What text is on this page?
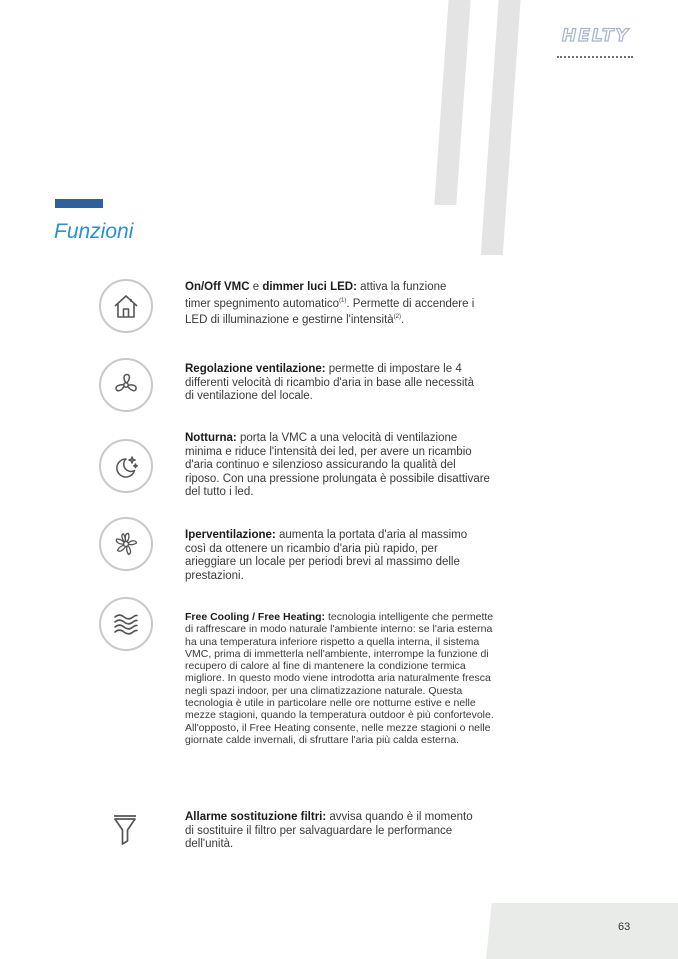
HELTY
Funzioni

On/Off VMC e dimmer luci LED: attiva la funzione timer spegnimento automatico$^{(1)}$. Permette di accendere i LED di illuminazione e gestirne l'intensità$^{(2)}$.

Regolazione ventilazione: permette di impostare le 4 differenti velocità di ricambio d'aria in base alle necessità di ventilazione del locale.

Notturna: porta la VMC a una velocità di ventilazione minima e riduce l'intensità dei led, per avere un ricambio d'aria continuo e silenzioso assicurando la qualità del riposo. Con una pressione prolungata è possibile disattivare del tutto i led.

Iperventilazione: aumenta la portata d'aria al massimo così da ottenere un ricambio d'aria più rapido, per arieggiare un locale per periodi brevi al massimo delle prestazioni.

Free Cooling / Free Heating: tecnologia intelligente che permette di raffrescare in modo naturale l'ambiente interno: se l'aria esterna ha una temperatura inferiore rispetto a quella interna, il sistema VMC, prima di immetterla nell'ambiente, interrompe la funzione di recupero di calore al fine di mantenere la condizione termica migliore. In questo modo viene introdotta aria naturalmente fresca negli spazi indoor, per una climatizzazione naturale. Questa tecnologia è utile in particolare nelle ore notturne estive e nelle mezze stagioni, quando la temperatura outdoor è più confortevole. All'opposto, il Free Heating consente, nelle mezze stagioni o nelle giornate calde invernali, di sfruttare l'aria più calda esterna.

Allarme sostituzione filtri: avvisa quando è il momento di sostituire il filtro per salvaguardare le performance dell'unità.

63
